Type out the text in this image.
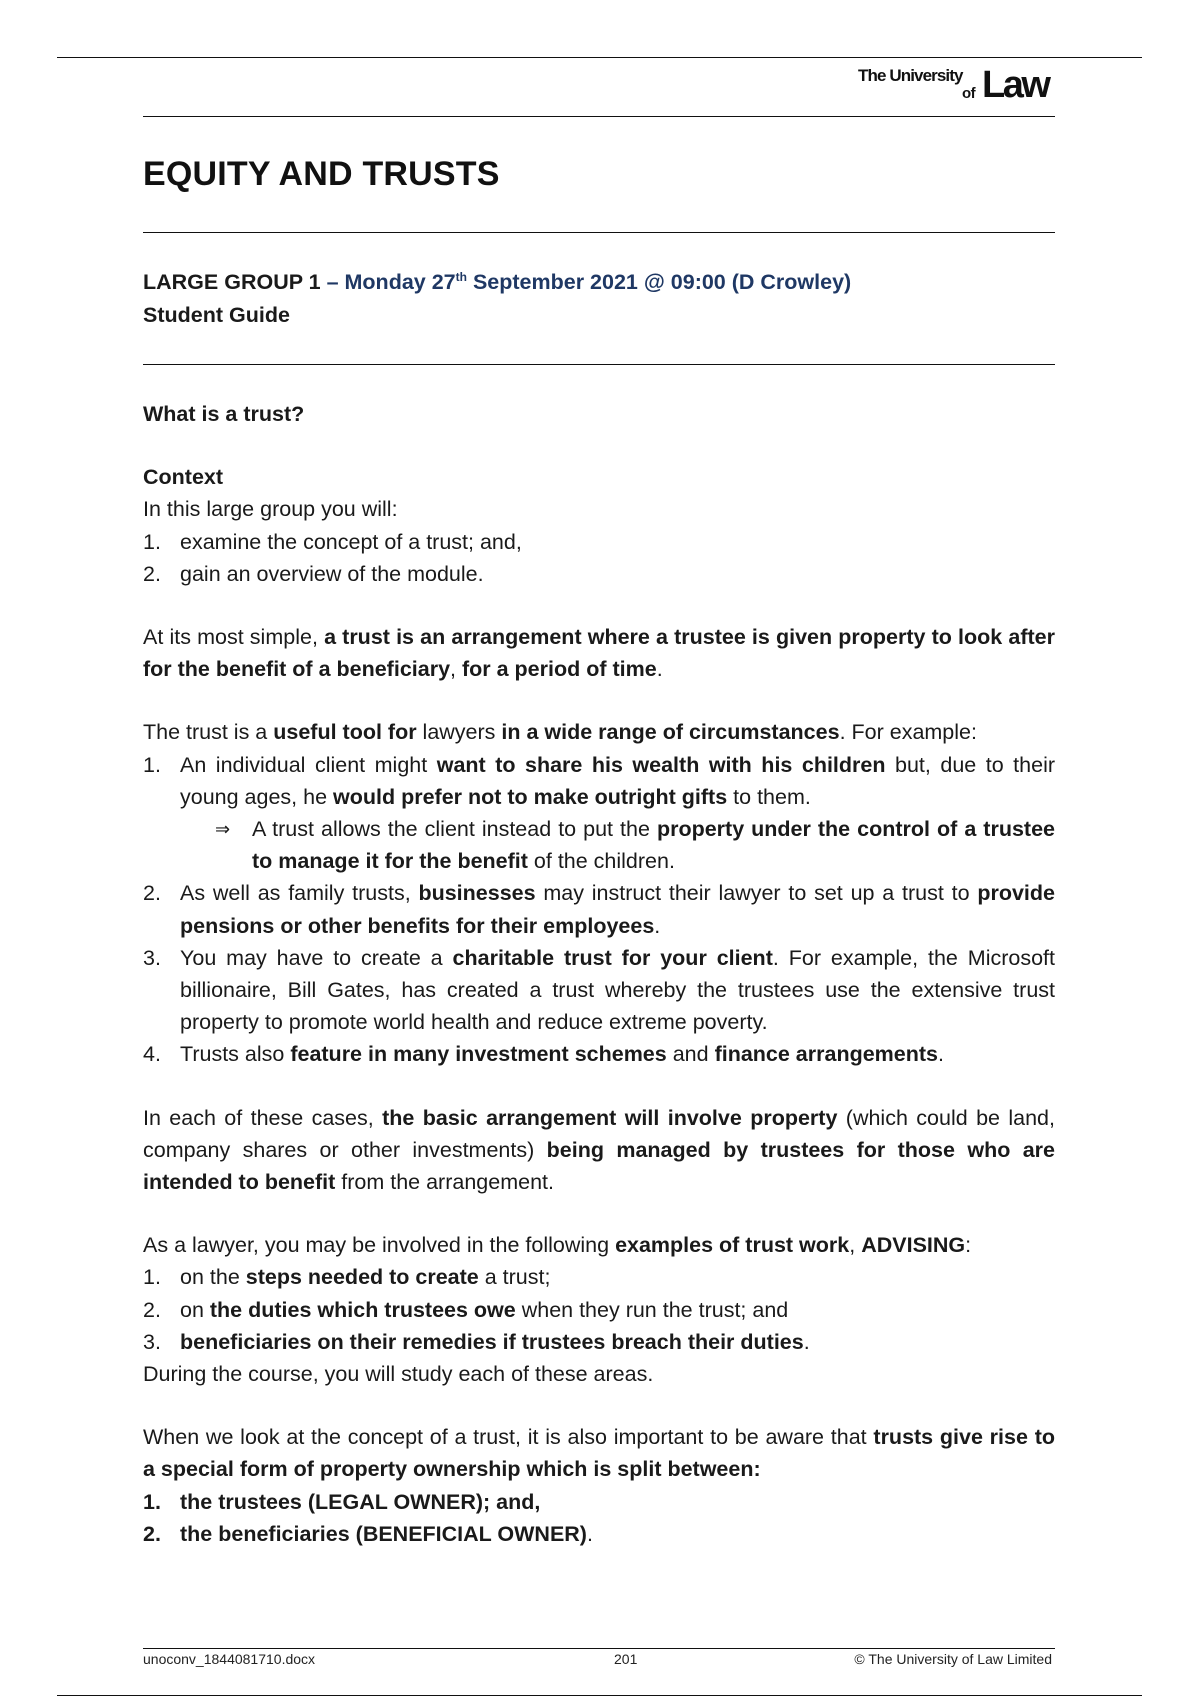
The University
of Law
EQUITY AND TRUSTS
LARGE GROUP 1 – Monday 27th September 2021 @ 09:00 (D Crowley)
Student Guide

What is a trust?

Context

In this large group you will:

1. examine the concept of a trust; and,
2. gain an overview of the module.

At its most simple, a trust is an arrangement where a trustee is given property to look after for the benefit of a beneficiary, for a period of time.

The trust is a useful tool for lawyers in a wide range of circumstances. For example:

1. An individual client might want to share his wealth with his children but, due to their young ages, he would prefer not to make outright gifts to them.
⇒ A trust allows the client instead to put the property under the control of a trustee to manage it for the benefit of the children.
2. As well as family trusts, businesses may instruct their lawyer to set up a trust to provide pensions or other benefits for their employees.
3. You may have to create a charitable trust for your client. For example, the Microsoft billionaire, Bill Gates, has created a trust whereby the trustees use the extensive trust property to promote world health and reduce extreme poverty.
4. Trusts also feature in many investment schemes and finance arrangements.

In each of these cases, the basic arrangement will involve property (which could be land, company shares or other investments) being managed by trustees for those who are intended to benefit from the arrangement.

As a lawyer, you may be involved in the following examples of trust work, ADVISING:

1. on the steps needed to create a trust;
2. on the duties which trustees owe when they run the trust; and
3. beneficiaries on their remedies if trustees breach their duties.

During the course, you will study each of these areas.

When we look at the concept of a trust, it is also important to be aware that trusts give rise to a special form of property ownership which is split between:

1. the trustees (LEGAL OWNER); and,
2. the beneficiaries (BENEFICIAL OWNER).
unoconv_1844081710.docx	201	© The University of Law Limited
